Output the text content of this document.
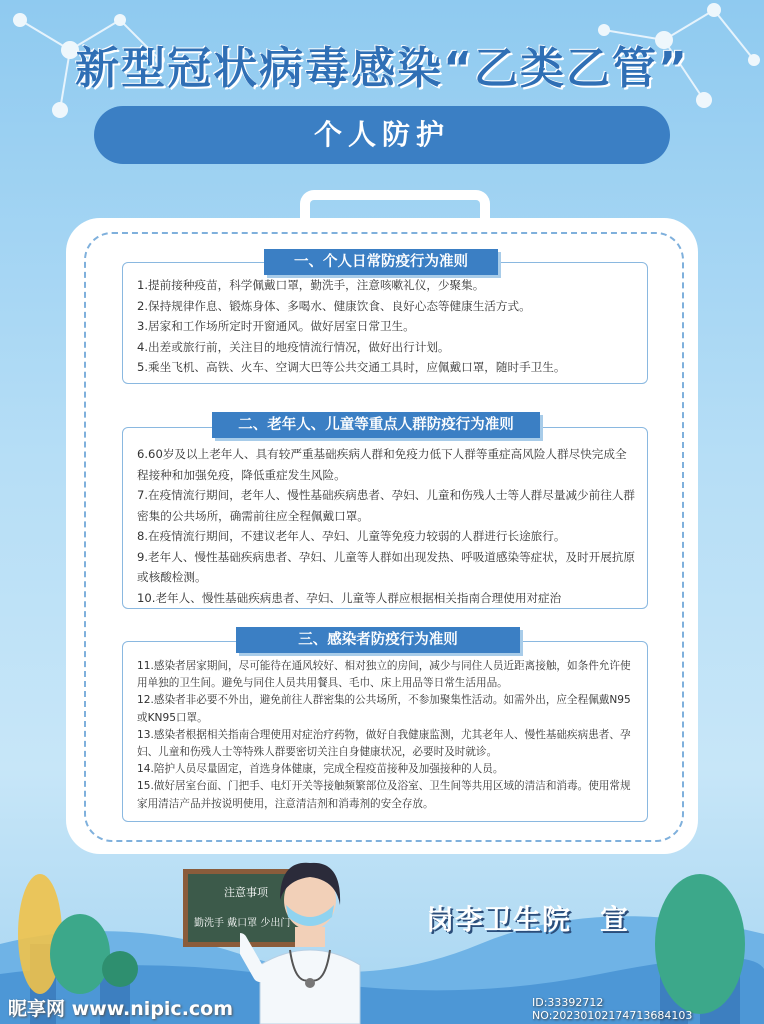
新型冠状病毒感染“乙类乙管”
个人防护

1.提前接种疫苗，科学佩戴口罩，勤洗手，注意咳嗽礼仪，少聚集。

2.保持规律作息、锻炼身体、多喝水、健康饮食、良好心态等健康生活方式。

3.居家和工作场所定时开窗通风。做好居室日常卫生。

4.出差或旅行前，关注目的地疫情流行情况，做好出行计划。

5.乘坐飞机、高铁、火车、空调大巴等公共交通工具时，应佩戴口罩，随时手卫生。

一、个人日常防疫行为准则

6.60岁及以上老年人、具有较严重基础疾病人群和免疫力低下人群等重症高风险人群尽快完成全程接种和加强免疫，降低重症发生风险。

7.在疫情流行期间，老年人、慢性基础疾病患者、孕妇、儿童和伤残人士等人群尽量减少前往人群密集的公共场所，确需前往应全程佩戴口罩。

8.在疫情流行期间，不建议老年人、孕妇、儿童等免疫力较弱的人群进行长途旅行。

9.老年人、慢性基础疾病患者、孕妇、儿童等人群如出现发热、呼吸道感染等症状，及时开展抗原或核酸检测。

10.老年人、慢性基础疾病患者、孕妇、儿童等人群应根据相关指南合理使用对症治

二、老年人、儿童等重点人群防疫行为准则

11.感染者居家期间，尽可能待在通风较好、相对独立的房间，减少与同住人员近距离接触，如条件允许使用单独的卫生间。避免与同住人员共用餐具、毛巾、床上用品等日常生活用品。

12.感染者非必要不外出，避免前往人群密集的公共场所，不参加聚集性活动。如需外出，应全程佩戴N95或KN95口罩。

13.感染者根据相关指南合理使用对症治疗药物，做好自我健康监测，尤其老年人、慢性基础疾病患者、孕妇、儿童和伤残人士等特殊人群要密切关注自身健康状况，必要时及时就诊。

14.陪护人员尽量固定，首选身体健康，完成全程疫苗接种及加强接种的人员。

15.做好居室台面、门把手、电灯开关等接触频繁部位及浴室、卫生间等共用区域的清洁和消毒。使用常规家用清洁产品并按说明使用，注意清洁剂和消毒剂的安全存放。

三、感染者防疫行为准则
注意事项
勤洗手 戴口罩 少出门	岗李卫生院　宣
昵享网 www.nipic.com	ID:33392712 NO:20230102174713684103
